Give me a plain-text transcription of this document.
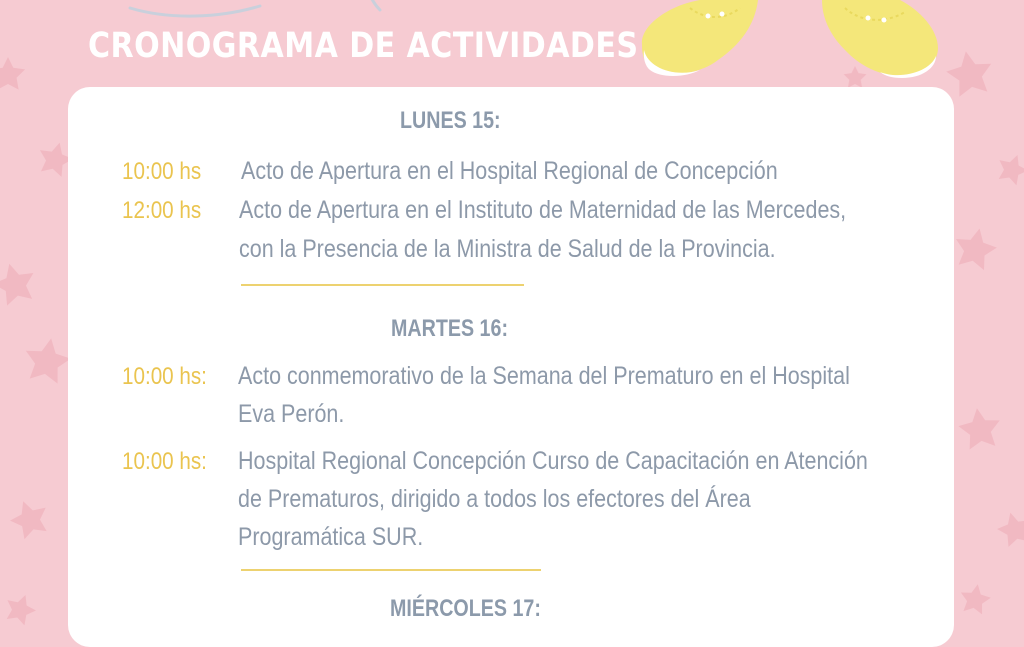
CRONOGRAMA DE ACTIVIDADES
LUNES 15:
10:00 hs Acto de Apertura en el Hospital Regional de Concepción
12:00 hs Acto de Apertura en el Instituto de Maternidad de las Mercedes,
con la Presencia de la Ministra de Salud de la Provincia.
MARTES 16:
10:00 hs: Acto conmemorativo de la Semana del Prematuro en el Hospital
Eva Perón.
10:00 hs: Hospital Regional Concepción Curso de Capacitación en Atención
de Prematuros, dirigido a todos los efectores del Área
Programática SUR.
MIÉRCOLES 17:
